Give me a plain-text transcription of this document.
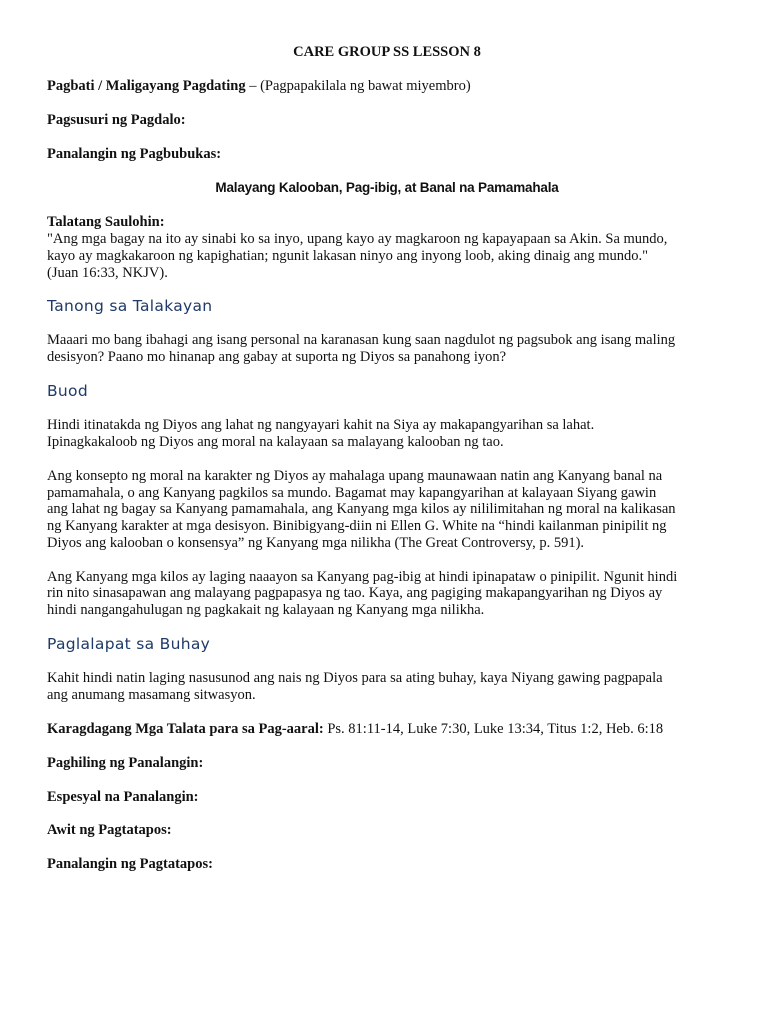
CARE GROUP SS LESSON 8

Pagbati / Maligayang Pagdating – (Pagpapakilala ng bawat miyembro)

Pagsusuri ng Pagdalo:

Panalangin ng Pagbubukas:

Malayang Kalooban, Pag-ibig, at Banal na Pamamahala

Talatang Saulohin:

"Ang mga bagay na ito ay sinabi ko sa inyo, upang kayo ay magkaroon ng kapayapaan sa Akin. Sa mundo,

kayo ay magkakaroon ng kapighatian; ngunit lakasan ninyo ang inyong loob, aking dinaig ang mundo."

(Juan 16:33, NKJV).

Tanong sa Talakayan

Maaari mo bang ibahagi ang isang personal na karanasan kung saan nagdulot ng pagsubok ang isang maling

desisyon? Paano mo hinanap ang gabay at suporta ng Diyos sa panahong iyon?

Buod

Hindi itinatakda ng Diyos ang lahat ng nangyayari kahit na Siya ay makapangyarihan sa lahat.

Ipinagkakaloob ng Diyos ang moral na kalayaan sa malayang kalooban ng tao.

Ang konsepto ng moral na karakter ng Diyos ay mahalaga upang maunawaan natin ang Kanyang banal na

pamamahala, o ang Kanyang pagkilos sa mundo. Bagamat may kapangyarihan at kalayaan Siyang gawin

ang lahat ng bagay sa Kanyang pamamahala, ang Kanyang mga kilos ay nililimitahan ng moral na kalikasan

ng Kanyang karakter at mga desisyon. Binibigyang-diin ni Ellen G. White na “hindi kailanman pinipilit ng

Diyos ang kalooban o konsensya” ng Kanyang mga nilikha (The Great Controversy, p. 591).

Ang Kanyang mga kilos ay laging naaayon sa Kanyang pag-ibig at hindi ipinapataw o pinipilit. Ngunit hindi

rin nito sinasapawan ang malayang pagpapasya ng tao. Kaya, ang pagiging makapangyarihan ng Diyos ay

hindi nangangahulugan ng pagkakait ng kalayaan ng Kanyang mga nilikha.

Paglalapat sa Buhay

Kahit hindi natin laging nasusunod ang nais ng Diyos para sa ating buhay, kaya Niyang gawing pagpapala

ang anumang masamang sitwasyon.

Karagdagang Mga Talata para sa Pag-aaral: Ps. 81:11-14, Luke 7:30, Luke 13:34, Titus 1:2, Heb. 6:18

Paghiling ng Panalangin:

Espesyal na Panalangin:

Awit ng Pagtatapos:

Panalangin ng Pagtatapos:
